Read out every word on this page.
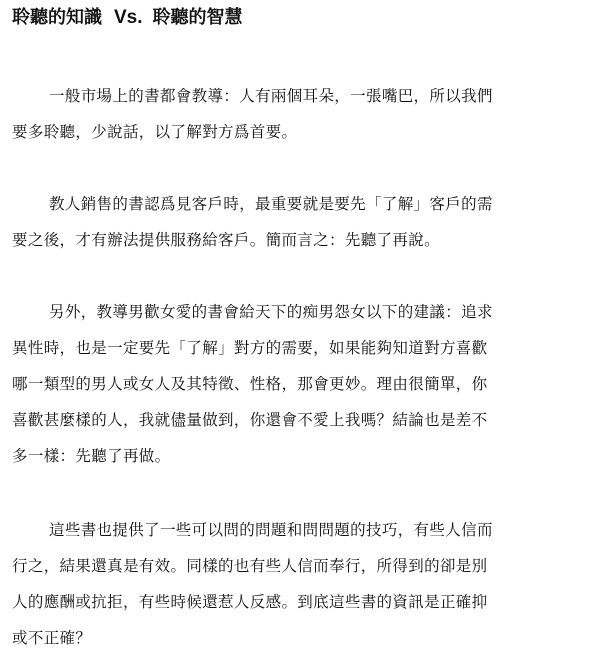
聆聽的知識 Vs. 聆聽的智慧
一般市場上的書都會教導：人有兩個耳朵，一張嘴巴，所以我們
要多聆聽，少說話，以了解對方爲首要。
教人銷售的書認爲見客戶時，最重要就是要先「了解」客戶的需
要之後，才有辦法提供服務給客戶。簡而言之：先聽了再說。
另外，教導男歡女愛的書會給天下的痴男怨女以下的建議：追求
異性時，也是一定要先「了解」對方的需要，如果能夠知道對方喜歡
哪一類型的男人或女人及其特徵、性格，那會更妙。理由很簡單，你
喜歡甚麼樣的人，我就儘量做到，你還會不愛上我嗎？結論也是差不
多一樣：先聽了再做。
這些書也提供了一些可以問的問題和問問題的技巧，有些人信而
行之，結果還真是有效。同樣的也有些人信而奉行，所得到的卻是別
人的應酬或抗拒，有些時候還惹人反感。到底這些書的資訊是正確抑
或不正確？
